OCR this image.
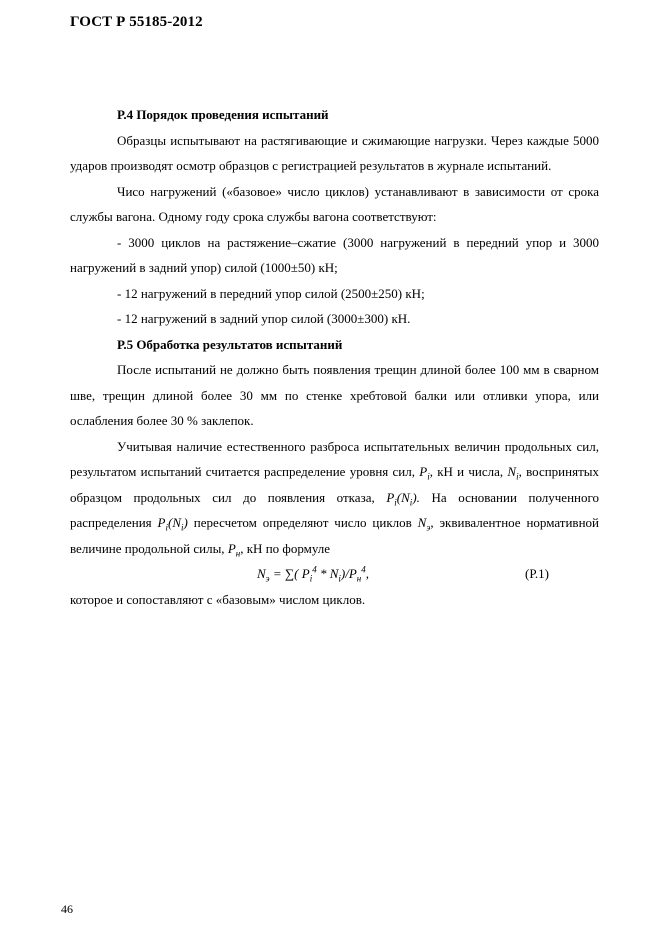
ГОСТ Р 55185-2012

Р.4 Порядок проведения испытаний

Образцы испытывают на растягивающие и сжимающие нагрузки. Через каждые 5000 ударов производят осмотр образцов с регистрацией результатов в журнале испытаний.

Чисо нагружений («базовое» число циклов) устанавливают в зависимости от срока службы вагона. Одному году срока службы вагона соответствуют:

- 3000 циклов на растяжение–сжатие (3000 нагружений в передний упор и 3000 нагружений в задний упор) силой (1000±50) кН;

- 12 нагружений в передний упор силой (2500±250) кН;

- 12 нагружений в задний упор силой (3000±300) кН.

Р.5 Обработка результатов испытаний

После испытаний не должно быть появления трещин длиной более 100 мм в сварном шве, трещин длиной более 30 мм по стенке хребтовой балки или отливки упора, или ослабления более 30 % заклепок.

Учитывая наличие естественного разброса испытательных величин продольных сил, результатом испытаний считается распределение уровня сил, $P_i$, кН и числа, $N_i$, воспринятых образцом продольных сил до появления отказа, $P_i(N_i)$. На основании полученного распределения $P_i(N_i)$ пересчетом определяют число циклов $N_э$, эквивалентное нормативной величине продольной силы, $P_н$, кН по формуле

$N_э$ = ∑( $P_i^4 * N_i)/P_н^4$,	(Р.1)

которое и сопоставляют с «базовым» числом циклов.

46
